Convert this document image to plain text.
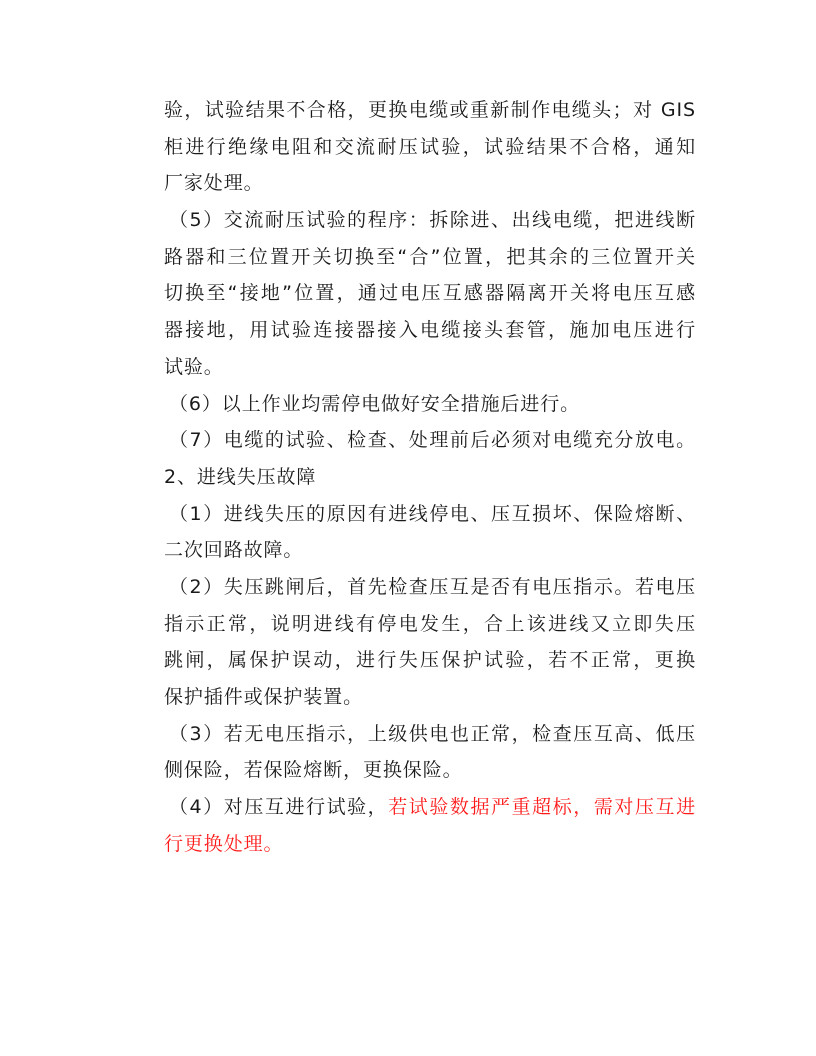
验，试验结果不合格，更换电缆或重新制作电缆头；对 GIS
柜进行绝缘电阻和交流耐压试验，试验结果不合格，通知
厂家处理。
（5）交流耐压试验的程序：拆除进、出线电缆，把进线断
路器和三位置开关切换至“合”位置，把其余的三位置开关
切换至“接地”位置，通过电压互感器隔离开关将电压互感
器接地，用试验连接器接入电缆接头套管，施加电压进行
试验。
（6）以上作业均需停电做好安全措施后进行。
（7）电缆的试验、检查、处理前后必须对电缆充分放电。
2、进线失压故障
（1）进线失压的原因有进线停电、压互损坏、保险熔断、
二次回路故障。
（2）失压跳闸后，首先检查压互是否有电压指示。若电压
指示正常，说明进线有停电发生，合上该进线又立即失压
跳闸，属保护误动，进行失压保护试验，若不正常，更换
保护插件或保护装置。
（3）若无电压指示，上级供电也正常，检查压互高、低压
侧保险，若保险熔断，更换保险。
（4）对压互进行试验，若试验数据严重超标，需对压互进
行更换处理。
